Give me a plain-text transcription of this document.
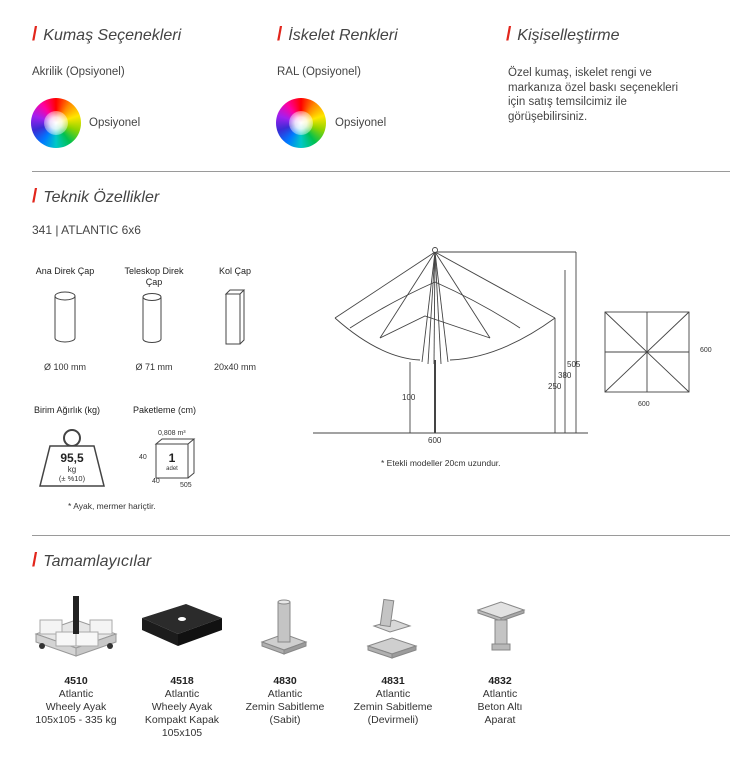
/ Kumaş Seçenekleri
Akrilik (Opsiyonel)
Opsiyonel
/ İskelet Renkleri
RAL (Opsiyonel)
Opsiyonel
/ Kişiselleştirme
Özel kumaş, iskelet rengi ve markanıza özel baskı seçenekleri için satış temsilcimiz ile görüşebilirsiniz.
/ Teknik Özellikler
341 | ATLANTIC 6x6
Ana Direk Çap
Ø 100 mm
Teleskop Direk Çap
Ø 71 mm
Kol Çap
20x40 mm
Birim Ağırlık (kg)
95,5
kg
(± %10)
Paketleme (cm)
0,808 m³
1
adet
40
40
505
* Ayak, mermer hariçtir.
100
250
380
505
600
* Etekli modeller 20cm uzundur.
600
600
/ Tamamlayıcılar
4510
Atlantic
Wheely Ayak
105x105 - 335 kg
4518
Atlantic
Wheely Ayak
Kompakt Kapak
105x105
4830
Atlantic
Zemin Sabitleme
(Sabit)
4831
Atlantic
Zemin Sabitleme
(Devirmeli)
4832
Atlantic
Beton Altı
Aparat
